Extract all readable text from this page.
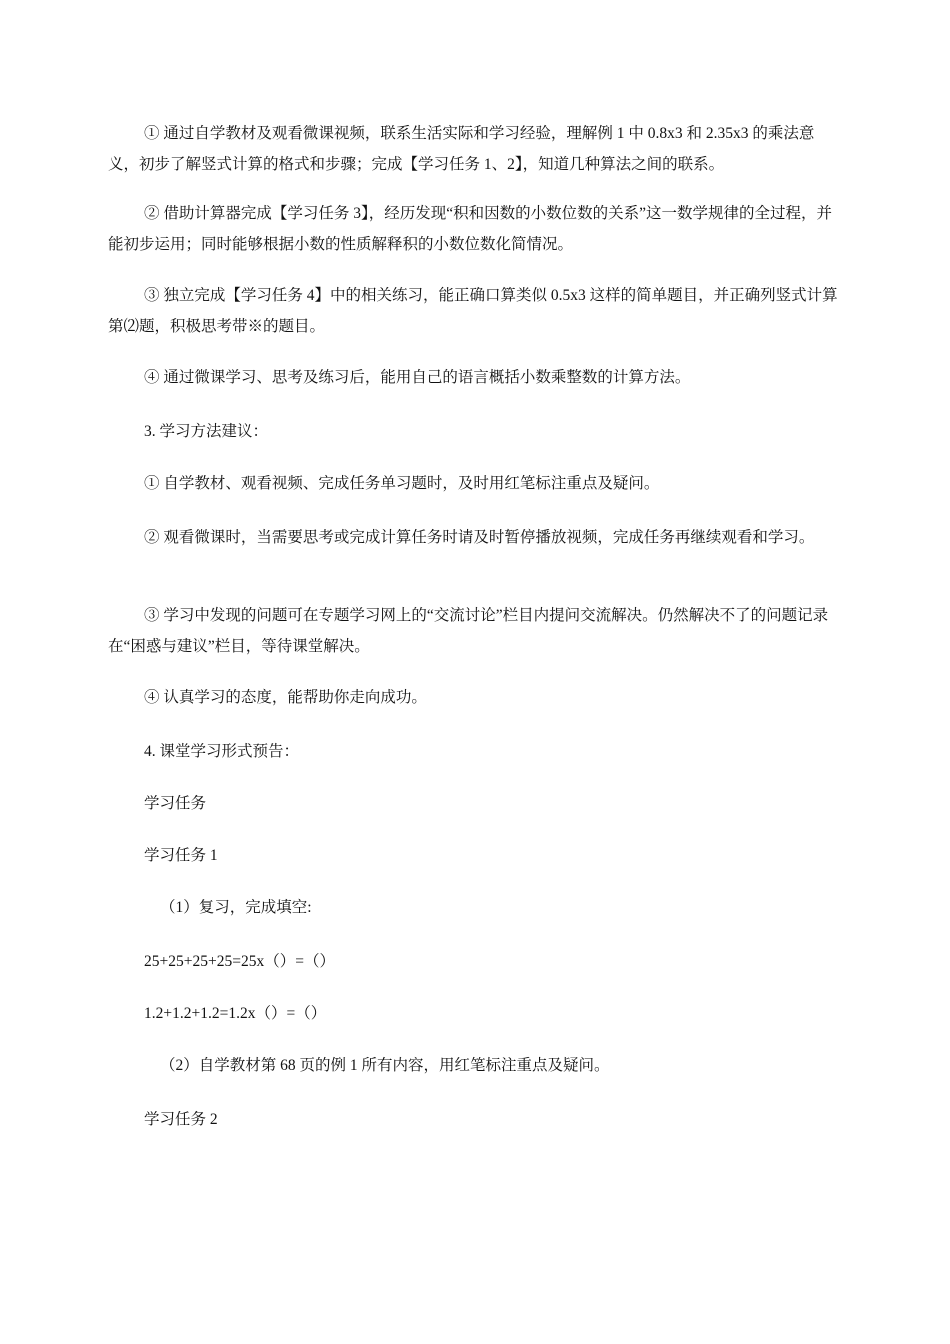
① 通过自学教材及观看微课视频，联系生活实际和学习经验，理解例 1 中 0.8x3 和 2.35x3 的乘法意义，初步了解竖式计算的格式和步骤；完成【学习任务 1、2】，知道几种算法之间的联系。

② 借助计算器完成【学习任务 3】，经历发现“积和因数的小数位数的关系”这一数学规律的全过程，并能初步运用；同时能够根据小数的性质解释积的小数位数化简情况。

③ 独立完成【学习任务 4】中的相关练习，能正确口算类似 0.5x3 这样的简单题目，并正确列竖式计算第⑵题，积极思考带※的题目。

④ 通过微课学习、思考及练习后，能用自己的语言概括小数乘整数的计算方法。

3. 学习方法建议：

① 自学教材、观看视频、完成任务单习题时，及时用红笔标注重点及疑问。

② 观看微课时，当需要思考或完成计算任务时请及时暂停播放视频，完成任务再继续观看和学习。

③ 学习中发现的问题可在专题学习网上的“交流讨论”栏目内提问交流解决。仍然解决不了的问题记录在“困惑与建议”栏目，等待课堂解决。

④ 认真学习的态度，能帮助你走向成功。

4. 课堂学习形式预告：

学习任务

学习任务 1

（1）复习，完成填空:

25+25+25+25=25x（）=（）

1.2+1.2+1.2=1.2x（）=（）

（2）自学教材第 68 页的例 1 所有内容，用红笔标注重点及疑问。

学习任务 2
